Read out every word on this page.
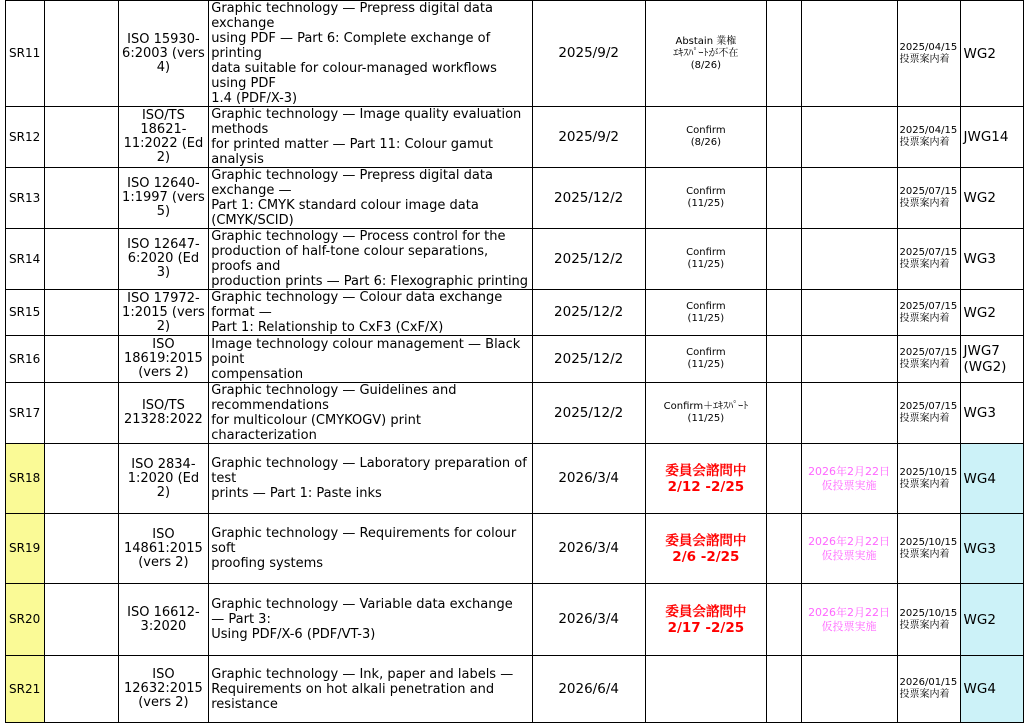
SR11		ISO 15930-
6:2003 (vers
4)	Graphic technology — Prepress digital data exchange
using PDF — Part 6: Complete exchange of printing
data suitable for colour-managed workflows using PDF
1.4 (PDF/X-3)	2025/9/2	Abstain 業権
ｴｷｽﾊﾟｰﾄが不在
(8/26)			2025/04/15
投票案内着	WG2

SR12		ISO/TS
18621-
11:2022 (Ed 2)	Graphic technology — Image quality evaluation methods
for printed matter — Part 11: Colour gamut analysis	2025/9/2	Confirm
(8/26)			2025/04/15
投票案内着	JWG14

SR13		ISO 12640-
1:1997 (vers
5)	Graphic technology — Prepress digital data exchange —
Part 1: CMYK standard colour image data (CMYK/SCID)	2025/12/2	Confirm
(11/25)			2025/07/15
投票案内着	WG2

SR14		ISO 12647-
6:2020 (Ed 3)	Graphic technology — Process control for the
production of half-tone colour separations, proofs and
production prints — Part 6: Flexographic printing	2025/12/2	Confirm
(11/25)			2025/07/15
投票案内着	WG3

SR15		ISO 17972-
1:2015 (vers
2)	Graphic technology — Colour data exchange format —
Part 1: Relationship to CxF3 (CxF/X)	2025/12/2	Confirm
(11/25)			2025/07/15
投票案内着	WG2

SR16		ISO
18619:2015
(vers 2)	Image technology colour management — Black point
compensation	2025/12/2	Confirm
(11/25)			2025/07/15
投票案内着	JWG7
(WG2)

SR17		ISO/TS
21328:2022	Graphic technology — Guidelines and recommendations
for multicolour (CMYKOGV) print characterization	2025/12/2	Confirm＋ｴｷｽﾊﾟｰﾄ
(11/25)			2025/07/15
投票案内着	WG3

SR18		ISO 2834-
1:2020 (Ed 2)	Graphic technology — Laboratory preparation of test
prints — Part 1: Paste inks	2026/3/4	委員会諮問中
2/12 -2/25		2026年2月22日
仮投票実施	2025/10/15
投票案内着	WG4

SR19		ISO
14861:2015
(vers 2)	Graphic technology — Requirements for colour soft
proofing systems	2026/3/4	委員会諮問中
2/6 -2/25		2026年2月22日
仮投票実施	2025/10/15
投票案内着	WG3

SR20		ISO 16612-
3:2020	Graphic technology — Variable data exchange — Part 3:
Using PDF/X-6 (PDF/VT-3)	2026/3/4	委員会諮問中
2/17 -2/25		2026年2月22日
仮投票実施	2025/10/15
投票案内着	WG2

SR21		ISO
12632:2015
(vers 2)	Graphic technology — Ink, paper and labels —
Requirements on hot alkali penetration and resistance	2026/6/4				2026/01/15
投票案内着	WG4
